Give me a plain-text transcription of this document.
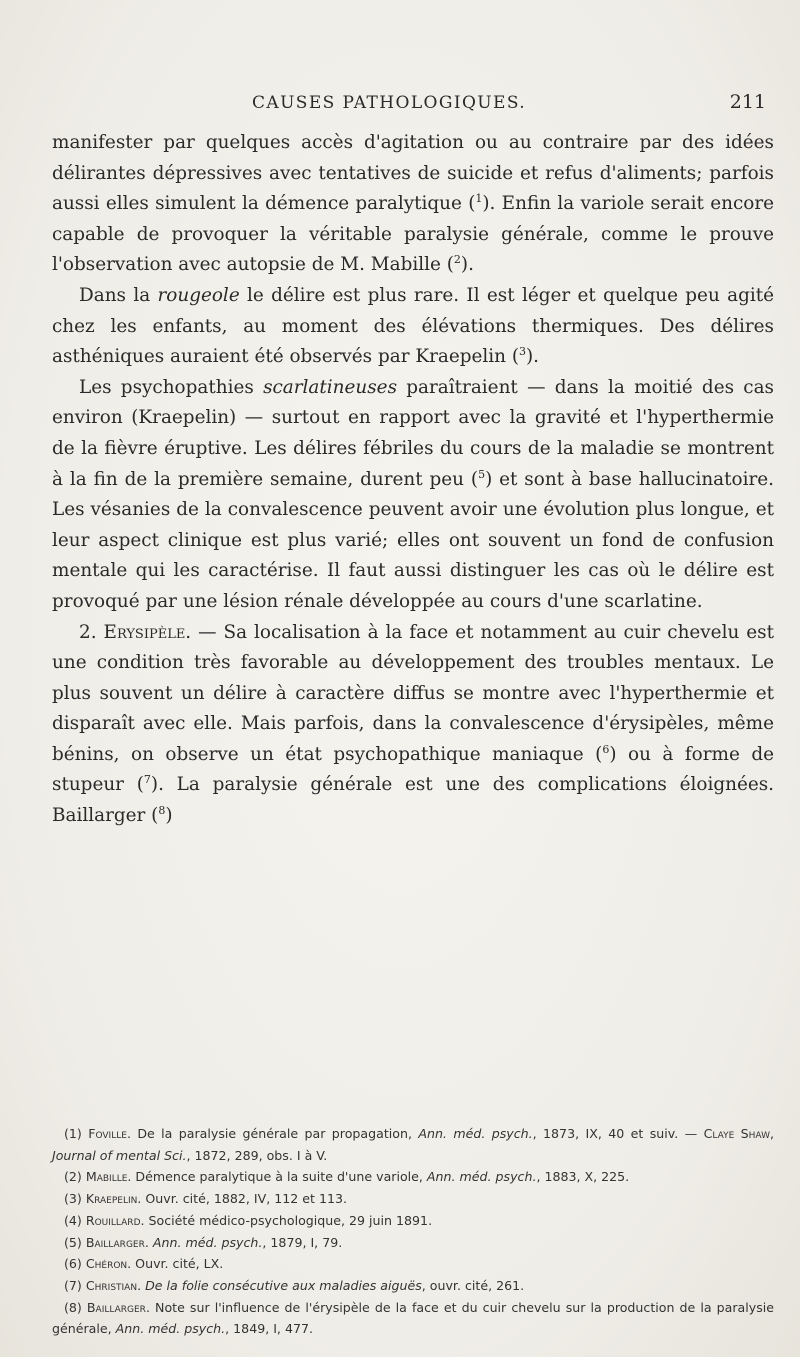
CAUSES PATHOLOGIQUES.	211

manifester par quelques accès d'agitation ou au contraire par des idées délirantes dépressives avec tentatives de suicide et refus d'aliments; parfois aussi elles simulent la démence paralytique ($^1$). Enfin la variole serait encore capable de provoquer la véritable paralysie générale, comme le prouve l'observation avec autopsie de M. Mabille ($^2$).

Dans la rougeole le délire est plus rare. Il est léger et quelque peu agité chez les enfants, au moment des élévations thermiques. Des délires asthéniques auraient été observés par Kraepelin ($^3$).

Les psychopathies scarlatineuses paraîtraient — dans la moitié des cas environ (Kraepelin) — surtout en rapport avec la gravité et l'hyperthermie de la fièvre éruptive. Les délires fébriles du cours de la maladie se montrent à la fin de la première semaine, durent peu ($^5$) et sont à base hallucinatoire. Les vésanies de la convalescence peuvent avoir une évolution plus longue, et leur aspect clinique est plus varié; elles ont souvent un fond de confusion mentale qui les caractérise. Il faut aussi distinguer les cas où le délire est provoqué par une lésion rénale développée au cours d'une scarlatine.

2. Erysipèle. — Sa localisation à la face et notamment au cuir chevelu est une condition très favorable au développement des troubles mentaux. Le plus souvent un délire à caractère diffus se montre avec l'hyperthermie et disparaît avec elle. Mais parfois, dans la convalescence d'érysipèles, même bénins, on observe un état psychopathique maniaque ($^6$) ou à forme de stupeur ($^7$). La paralysie générale est une des complications éloignées. Baillarger ($^8$)

(1) Foville. De la paralysie générale par propagation, Ann. méd. psych., 1873, IX, 40 et suiv. — Claye Shaw, Journal of mental Sci., 1872, 289, obs. I à V.

(2) Mabille. Démence paralytique à la suite d'une variole, Ann. méd. psych., 1883, X, 225.

(3) Kraepelin. Ouvr. cité, 1882, IV, 112 et 113.

(4) Rouillard. Société médico-psychologique, 29 juin 1891.

(5) Baillarger. Ann. méd. psych., 1879, I, 79.

(6) Chéron. Ouvr. cité, LX.

(7) Christian. De la folie consécutive aux maladies aiguës, ouvr. cité, 261.

(8) Baillarger. Note sur l'influence de l'érysipèle de la face et du cuir chevelu sur la production de la paralysie générale, Ann. méd. psych., 1849, I, 477.
